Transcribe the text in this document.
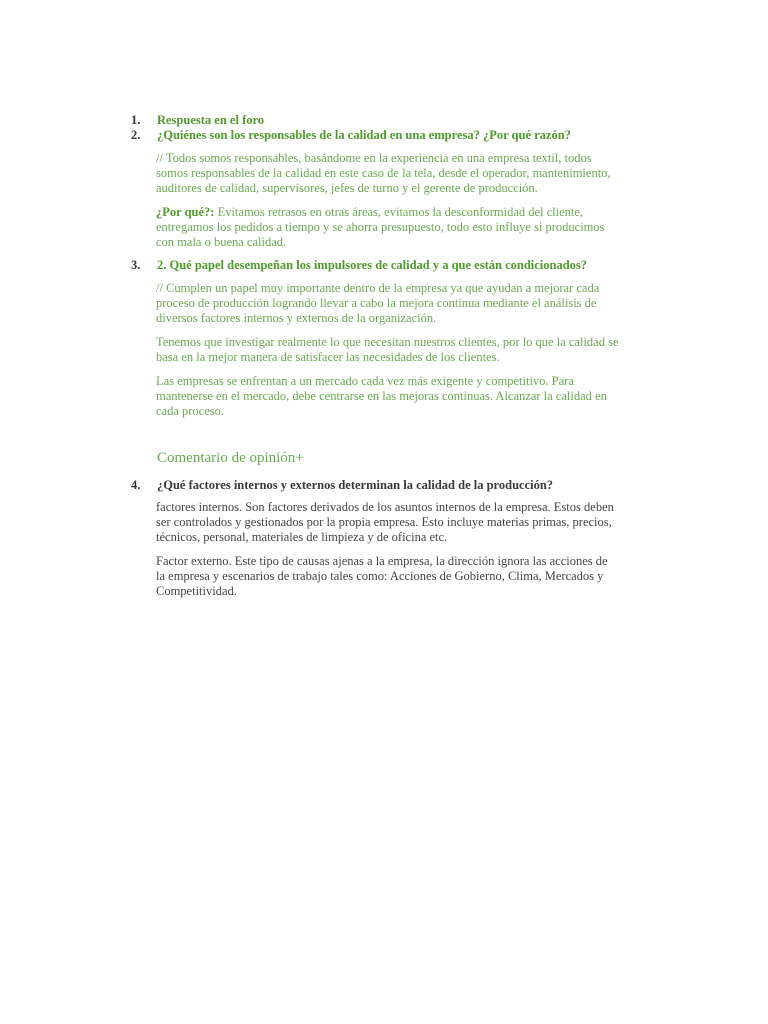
1.	Respuesta en el foro
2.	¿Quiénes son los responsables de la calidad en una empresa? ¿Por qué razón?
// Todos somos responsables, basándome en la experiencia en una empresa textil, todos
somos responsables de la calidad en este caso de la tela, desde el operador, mantenimiento,
auditores de calidad, supervisores, jefes de turno y el gerente de producción.
¿Por qué?: Evitamos retrasos en otras áreas, evitamos la desconformidad del cliente,
entregamos los pedidos a tiempo y se ahorra presupuesto, todo esto influye si producimos
con mala o buena calidad.
3.	2. Qué papel desempeñan los impulsores de calidad y a que están condicionados?
// Cumplen un papel muy importante dentro de la empresa ya que ayudan a mejorar cada
proceso de producción logrando llevar a cabo la mejora continua mediante el análisis de
diversos factores internos y externos de la organización.
Tenemos que investigar realmente lo que necesitan nuestros clientes, por lo que la calidad se
basa en la mejor manera de satisfacer las necesidades de los clientes.
Las empresas se enfrentan a un mercado cada vez más exigente y competitivo. Para
mantenerse en el mercado, debe centrarse en las mejoras continuas. Alcanzar la calidad en
cada proceso.
Comentario de opinión+
4.	¿Qué factores internos y externos determinan la calidad de la producción?
factores internos. Son factores derivados de los asuntos internos de la empresa. Estos deben
ser controlados y gestionados por la propia empresa. Esto incluye materias primas, precios,
técnicos, personal, materiales de limpieza y de oficina etc.
Factor externo. Este tipo de causas ajenas a la empresa, la dirección ignora las acciones de
la empresa y escenarios de trabajo tales como: Acciones de Gobierno, Clima, Mercados y
Competitividad.
